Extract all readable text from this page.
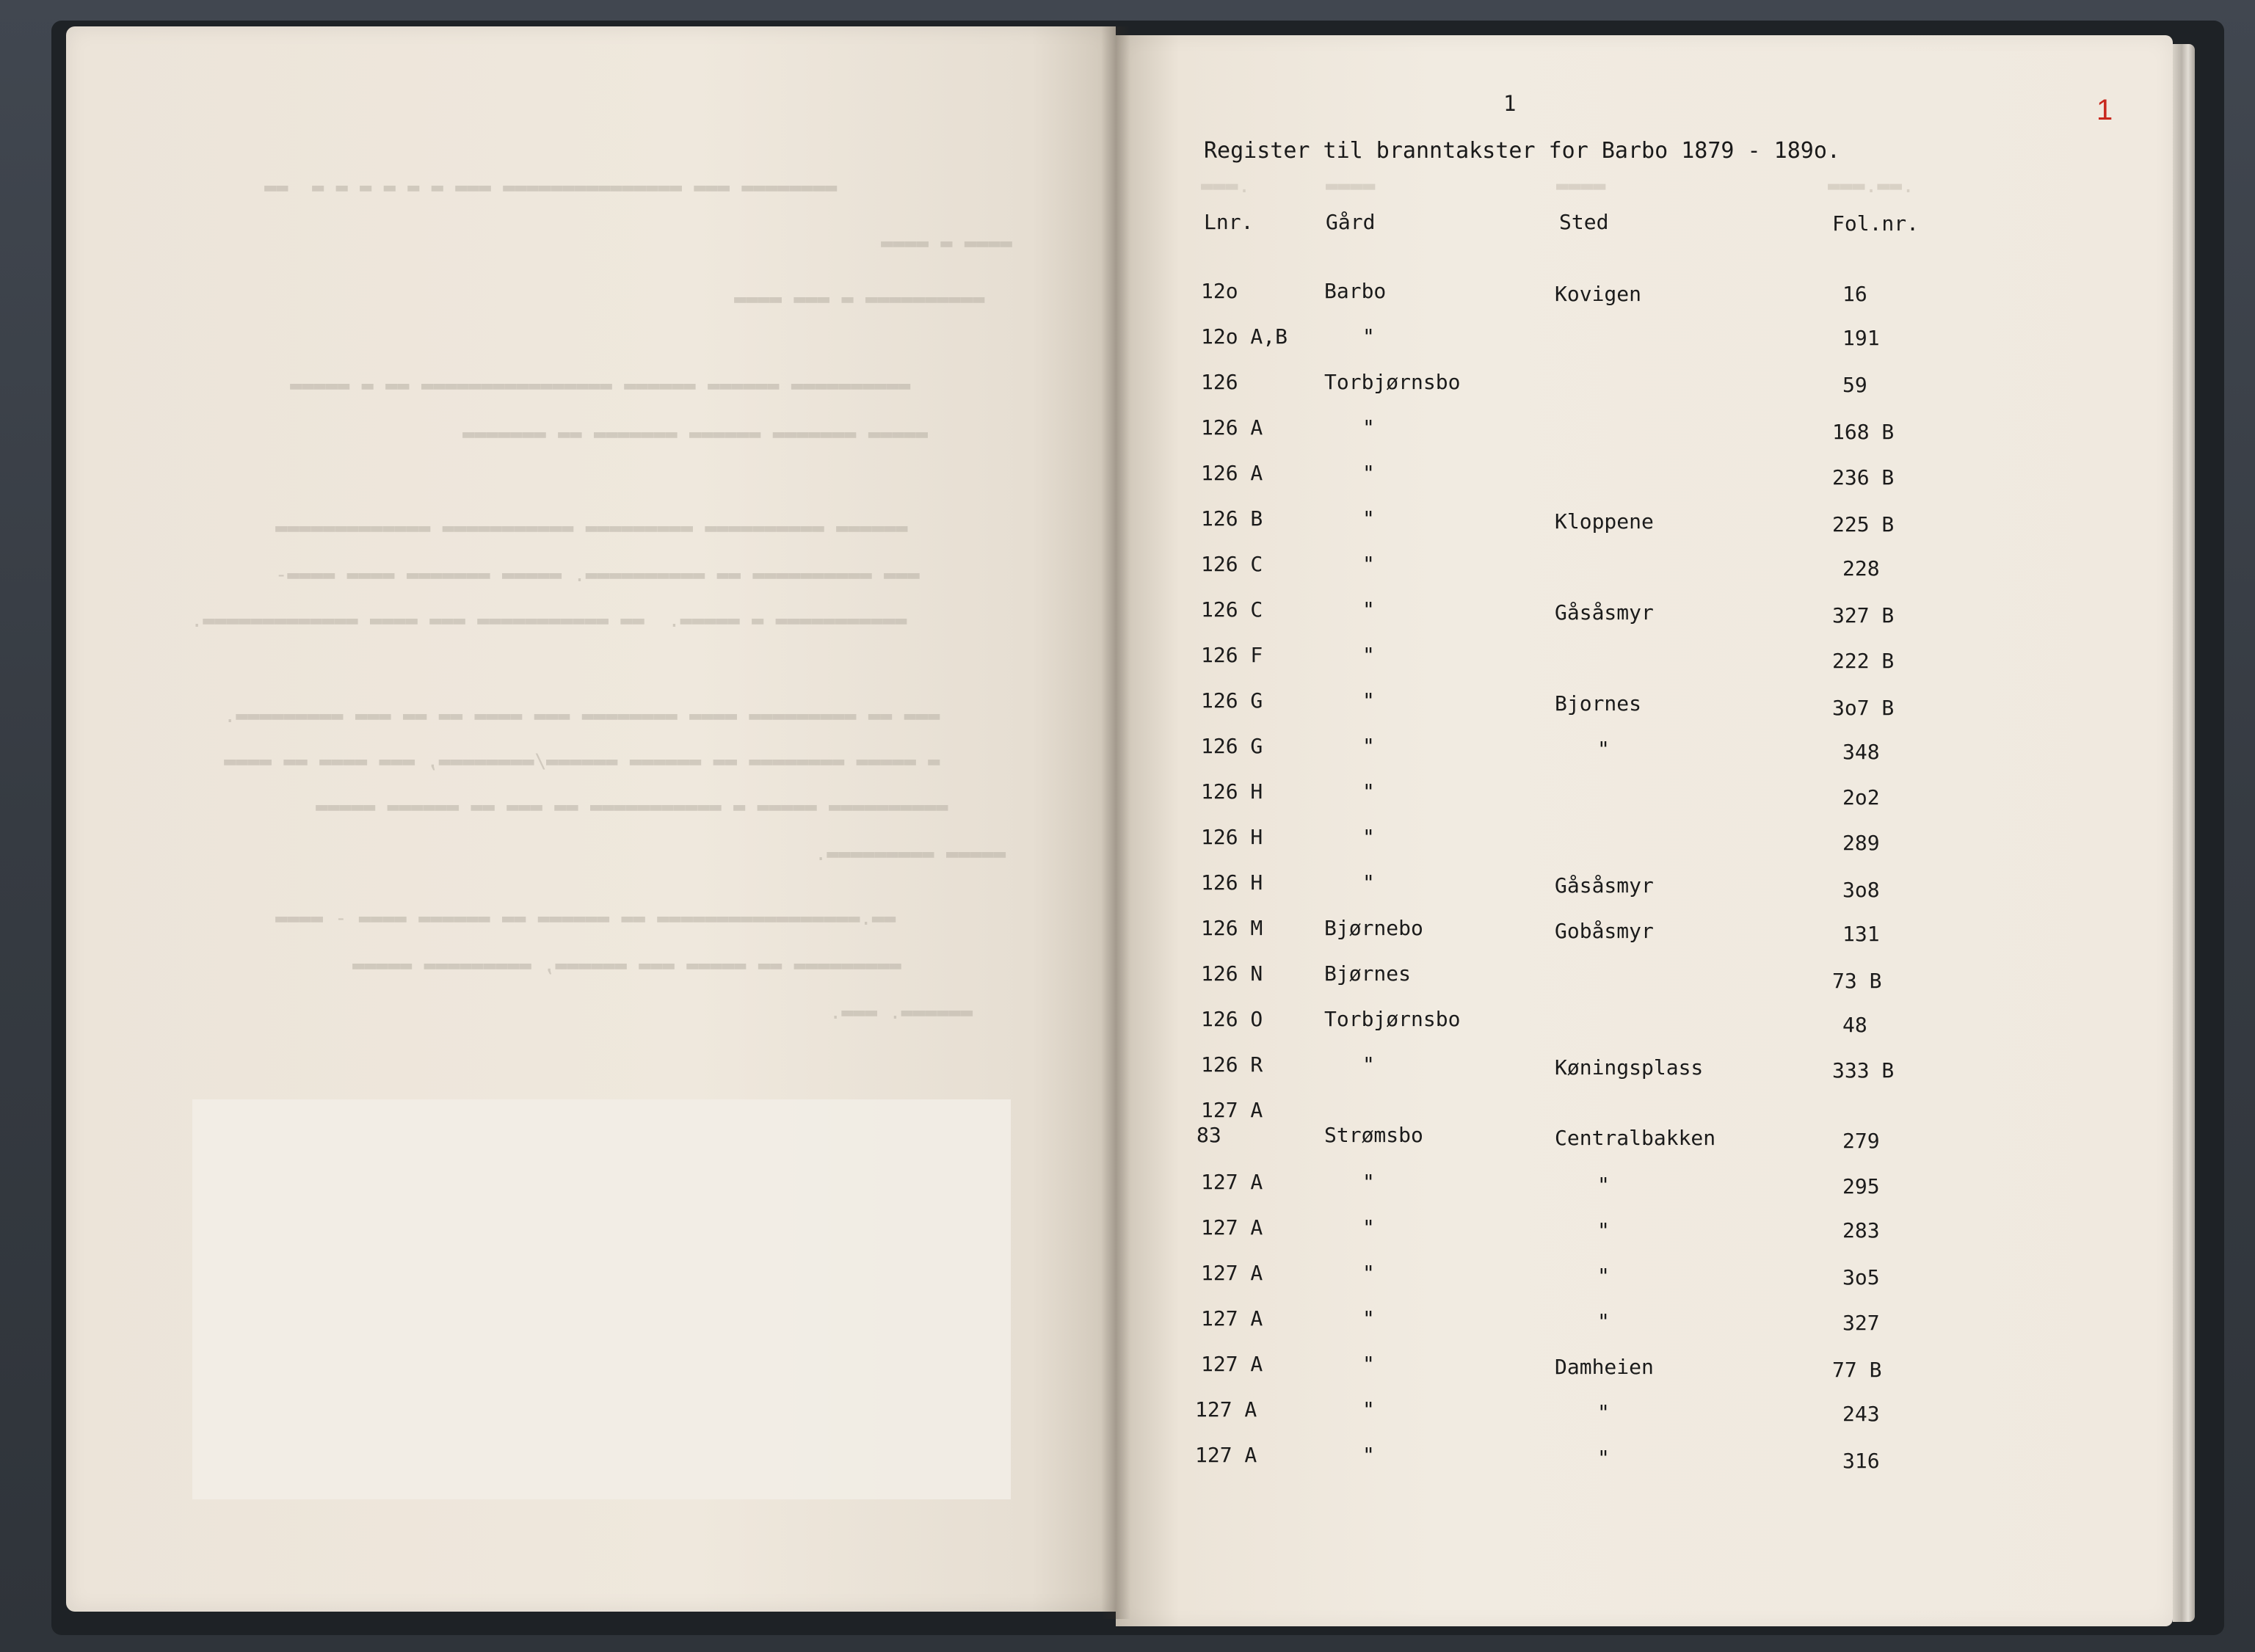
▬▬▬▬▬▬▬▬ ▬▬▬ ▬▬▬▬▬▬▬▬▬▬▬▬▬▬▬ ▬▬▬ ▬ ▬ ▬ ▬ ▬ ▬  ▬▬
▬▬▬▬ ▬ ▬▬▬▬
▬▬▬▬▬▬▬▬▬▬ ▬ ▬▬▬ ▬▬▬▬
▬▬▬▬▬▬▬▬▬▬ ▬▬▬▬▬▬ ▬▬▬▬▬▬ ▬▬▬▬▬▬▬▬▬▬▬▬▬▬▬▬ ▬▬ ▬ ▬▬▬▬▬
▬▬▬▬▬ ▬▬▬▬▬▬▬ ▬▬▬▬▬▬ ▬▬▬▬▬▬▬ ▬▬ ▬▬▬▬▬▬▬
▬▬▬▬▬▬ ▬▬▬▬▬▬▬▬▬▬ ▬▬▬▬▬▬▬▬▬ ▬▬▬▬▬▬▬▬▬▬▬ ▬▬▬▬▬▬▬▬▬▬▬▬▬
▬▬▬ ▬▬▬▬▬▬▬▬▬▬ ▬▬ ▬▬▬▬▬▬▬▬▬▬. ▬▬▬▬▬ ▬▬▬▬▬▬▬ ▬▬▬▬ ▬▬▬▬-
▬▬▬▬▬▬▬▬▬▬▬ ▬ ▬▬▬▬▬.  ▬▬ ▬▬▬▬▬▬▬▬▬▬▬ ▬▬▬ ▬▬▬▬ ▬▬▬▬▬▬▬▬▬▬▬▬▬.
▬▬▬ ▬▬ ▬▬▬▬▬▬▬▬▬ ▬▬▬▬ ▬▬▬▬▬▬▬▬ ▬▬▬ ▬▬▬▬ ▬▬ ▬▬ ▬▬▬ ▬▬▬▬▬▬▬▬▬.
▬ ▬▬▬▬▬ ▬▬▬▬▬▬▬▬ ▬▬ ▬▬▬▬▬▬ ▬▬▬▬▬▬/▬▬▬▬▬▬▬▬, ▬▬▬ ▬▬▬▬ ▬▬ ▬▬▬▬
▬▬▬▬▬▬▬▬▬▬ ▬▬▬▬▬ ▬ ▬▬▬▬▬▬▬▬▬▬▬ ▬▬ ▬▬▬ ▬▬ ▬▬▬▬▬▬ ▬▬▬▬▬
▬▬▬▬▬ ▬▬▬▬▬▬▬▬▬.
▬▬.▬▬▬▬▬▬▬▬▬▬▬▬▬▬▬▬▬ ▬▬ ▬▬▬▬▬▬ ▬▬ ▬▬▬▬▬▬ ▬▬▬▬ - ▬▬▬▬
▬▬▬▬▬▬▬▬▬ ▬▬ ▬▬▬▬▬ ▬▬▬ ▬▬▬▬▬▬, ▬▬▬▬▬▬▬▬▬ ▬▬▬▬▬
▬▬▬▬▬▬. ▬▬▬.
1	1
Register til branntakster for Barbo 1879 - 189o.
▬▬▬.	▬▬▬▬	▬▬▬▬	▬▬▬.▬▬.
Lnr.	Gård	Sted	Fol.nr.
12o	Barbo	Kovigen	16
12o A,B	"	191
126	Torbjørnsbo	59
126 A	"	168 B
126 A	"	236 B
126 B	"	Kloppene	225 B
126 C	"	228
126 C	"	Gåsåsmyr	327 B
126 F	"	222 B
126 G	"	Bjornes	3o7 B
126 G	"	"	348
126 H	"	2o2
126 H	"	289
126 H	"	Gåsåsmyr	3o8
126 M	Bjørnebo	Gobåsmyr	131
126 N	Bjørnes	73 B
126 O	Torbjørnsbo	48
126 R	"	Køningsplass	333 B
127 A
83	Strømsbo	Centralbakken	279
127 A	"	"	295
127 A	"	"	283
127 A	"	"	3o5
127 A	"	"	327
127 A	"	Damheien	77 B
127 A	"	"	243
127 A	"	"	316
